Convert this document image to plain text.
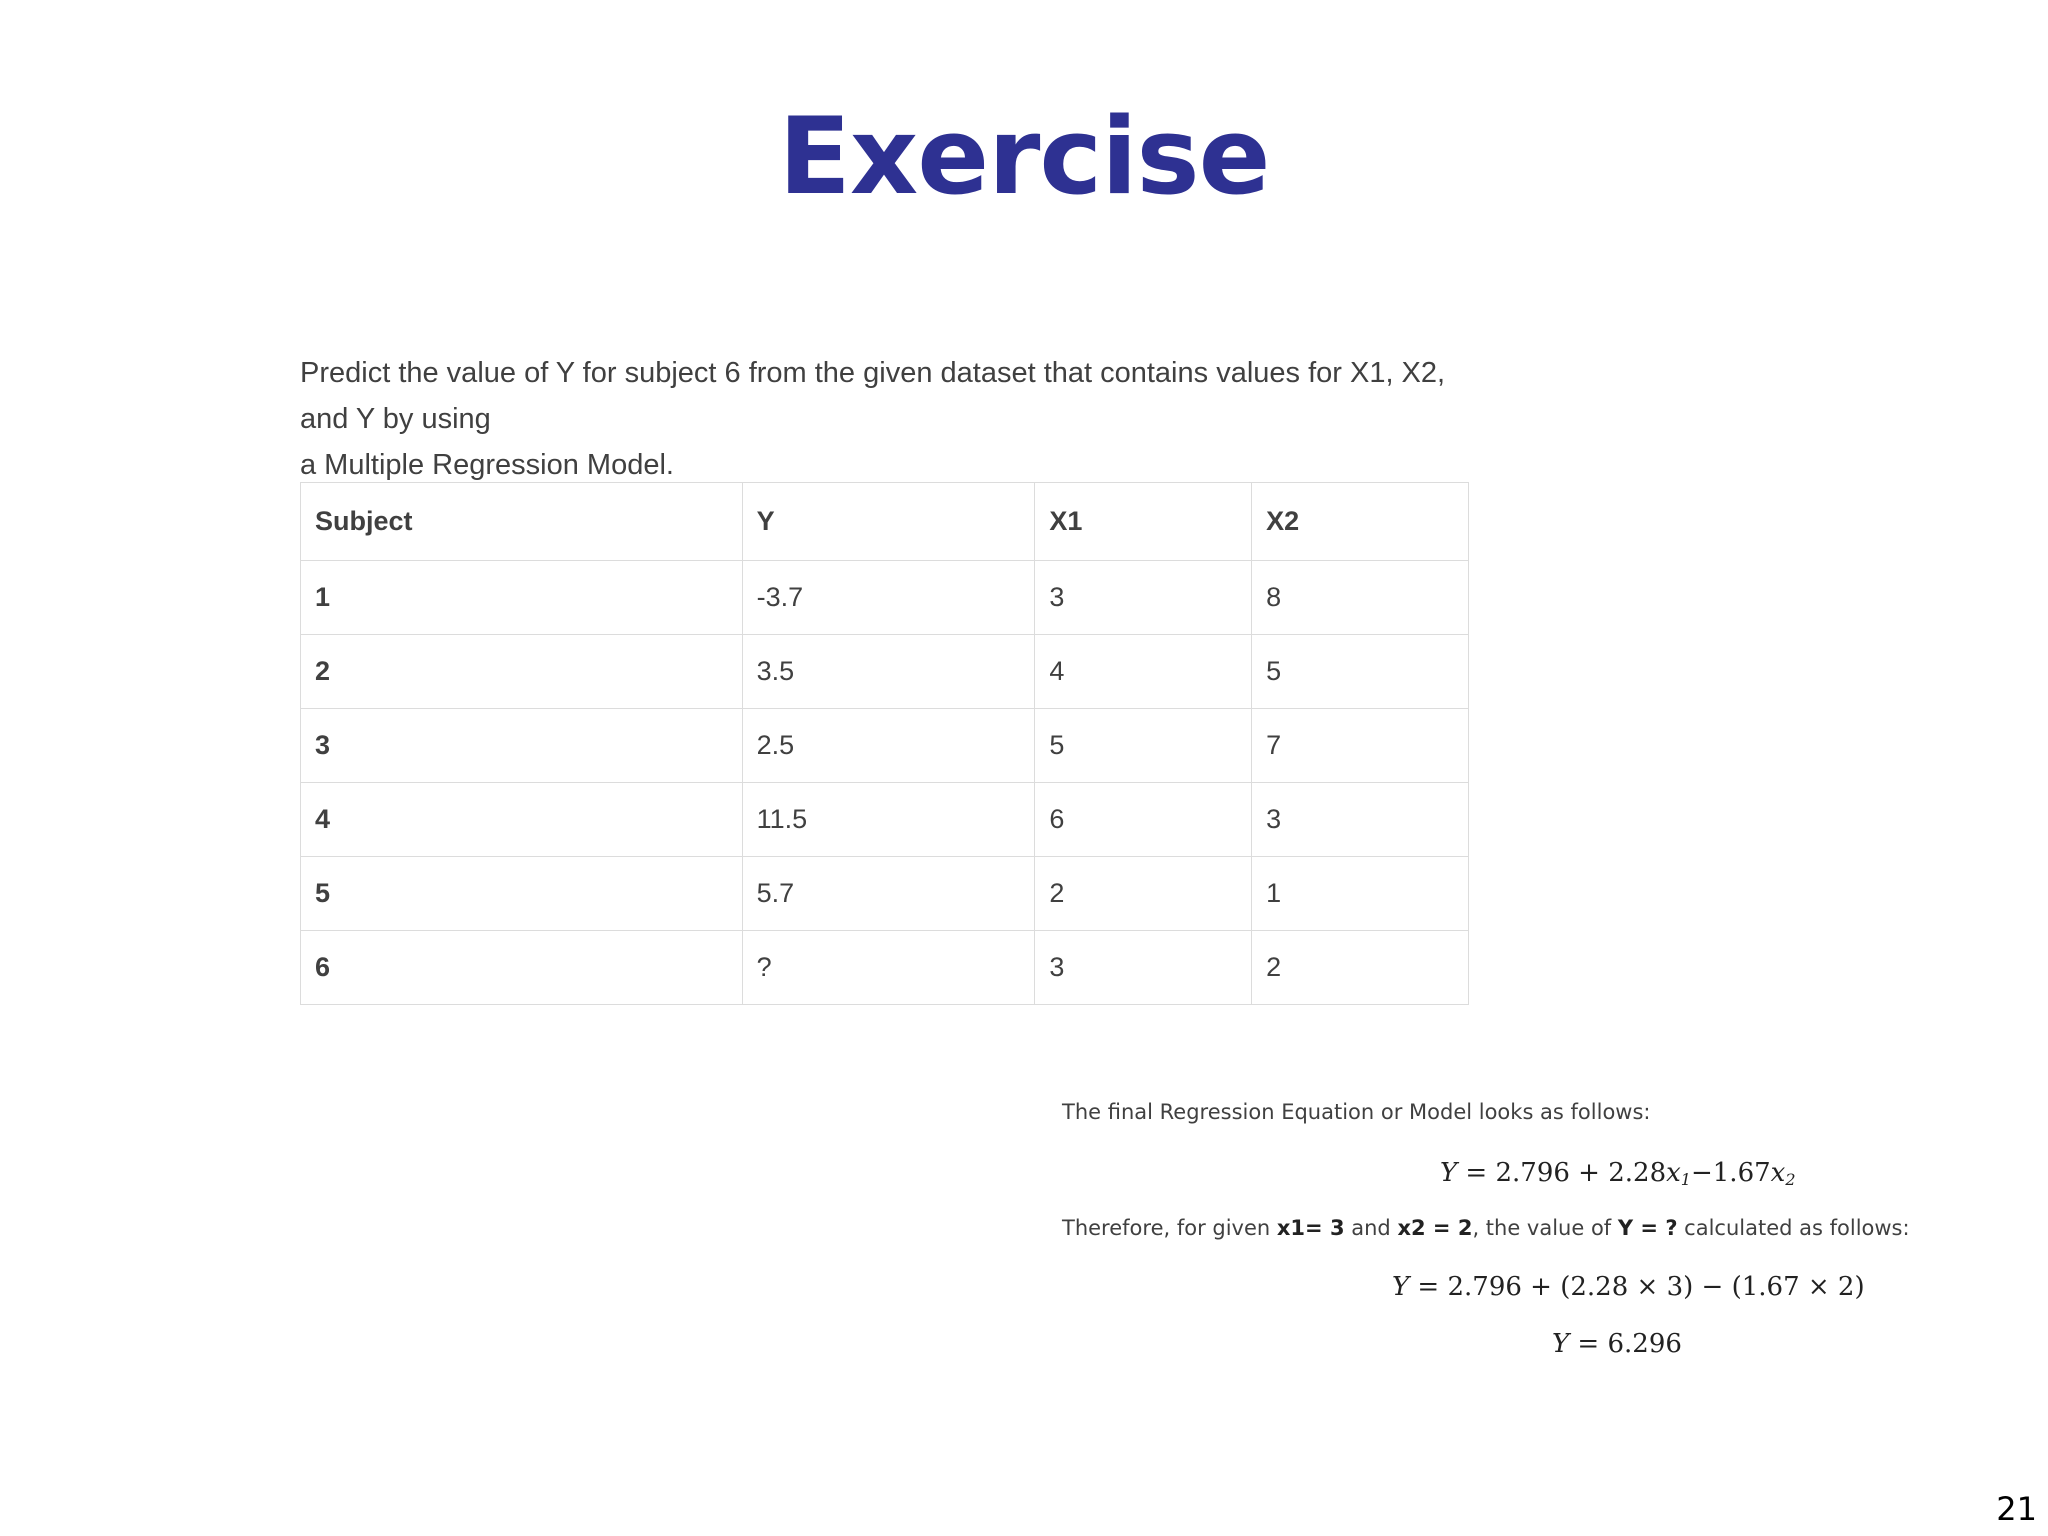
Exercise

Predict the value of Y for subject 6 from the given dataset that contains values for X1, X2, and Y by using

a Multiple Regression Model.

Subject	Y	X1	X2
1	-3.7	3	8
2	3.5	4	5
3	2.5	5	7
4	11.5	6	3
5	5.7	2	1
6	?	3	2
The final Regression Equation or Model looks as follows:
$Y = 2.796 + 2.28x_1-1.67x_2$
Therefore, for given x1= 3 and x2 = 2, the value of Y = ? calculated as follows:
Y = 2.796 + (2.28 × 3) − (1.67 × 2)
Y = 6.296
21
